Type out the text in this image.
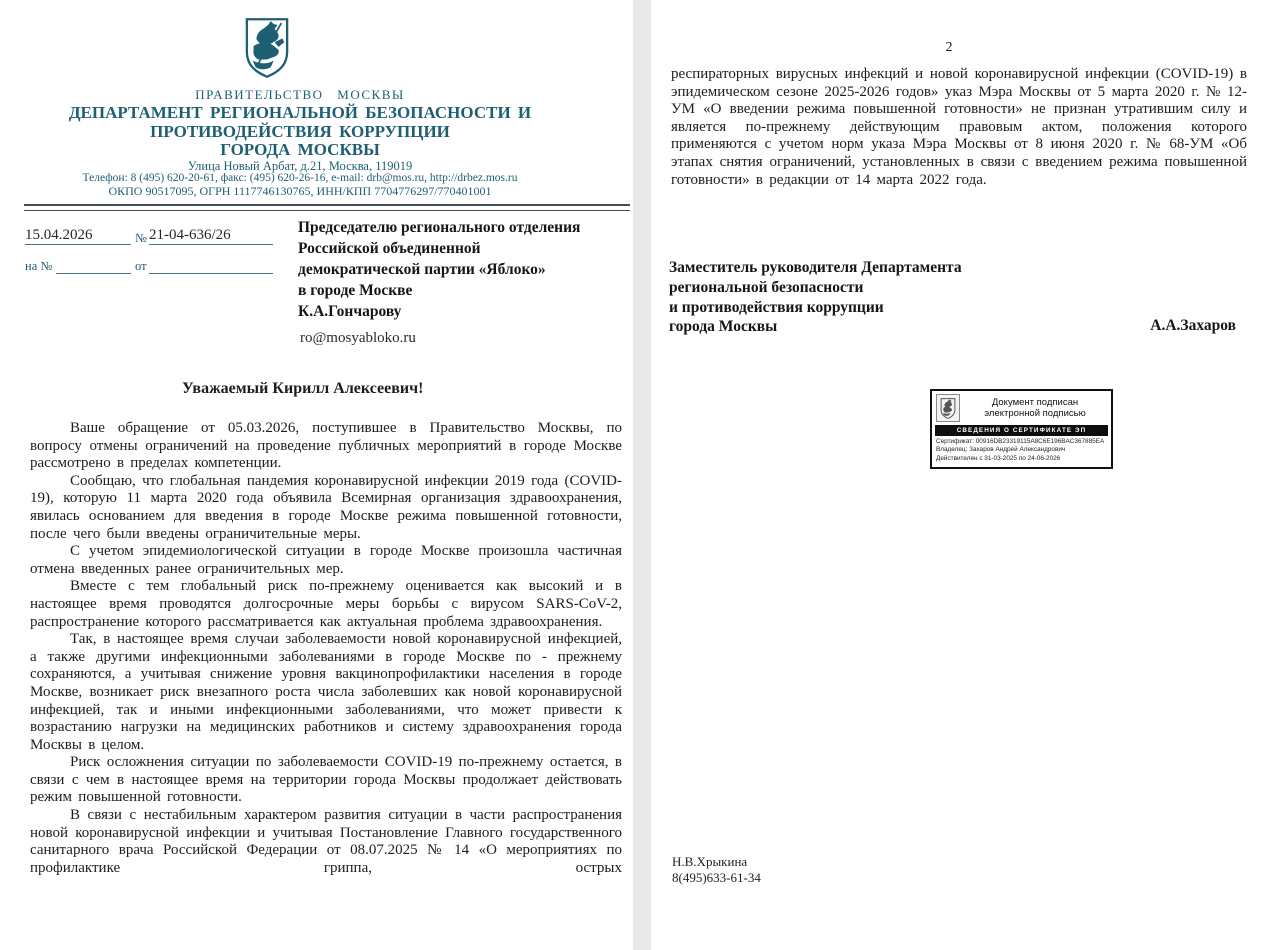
ПРАВИТЕЛЬСТВО МОСКВЫ
ДЕПАРТАМЕНТ РЕГИОНАЛЬНОЙ БЕЗОПАСНОСТИ И
ПРОТИВОДЕЙСТВИЯ КОРРУПЦИИ
ГОРОДА МОСКВЫ
Улица Новый Арбат, д.21, Москва, 119019
Телефон: 8 (495) 620-20-61, факс: (495) 620-26-16, e-mail: drb@mos.ru, http://drbez.mos.ru
ОКПО 90517095, ОГРН 1117746130765, ИНН/КПП 7704776297/770401001
15.04.2026	№ 21-04-636/26
на №	от
Председателю регионального отделения
Российской объединенной
демократической партии «Яблоко»
в городе Москве
К.А.Гончарову
ro@mosyabloko.ru
Уважаемый Кирилл Алексеевич!

Ваше обращение от 05.03.2026, поступившее в Правительство Москвы, по вопросу отмены ограничений на проведение публичных мероприятий в городе Москве рассмотрено в пределах компетенции.

Сообщаю, что глобальная пандемия коронавирусной инфекции 2019 года (COVID-19), которую 11 марта 2020 года объявила Всемирная организация здравоохранения, явилась основанием для введения в городе Москве режима повышенной готовности, после чего были введены ограничительные меры.

С учетом эпидемиологической ситуации в городе Москве произошла частичная отмена введенных ранее ограничительных мер.

Вместе с тем глобальный риск по-прежнему оценивается как высокий и в настоящее время проводятся долгосрочные меры борьбы с вирусом SARS-CoV-2, распространение которого рассматривается как актуальная проблема здравоохранения.

Так, в настоящее время случаи заболеваемости новой коронавирусной инфекцией, а также другими инфекционными заболеваниями в городе Москве по - прежнему сохраняются, а учитывая снижение уровня вакцинопрофилактики населения в городе Москве, возникает риск внезапного роста числа заболевших как новой коронавирусной инфекцией, так и иными инфекционными заболеваниями, что может привести к возрастанию нагрузки на медицинских работников и систему здравоохранения города Москвы в целом.

Риск осложнения ситуации по заболеваемости COVID-19 по-прежнему остается, в связи с чем в настоящее время на территории города Москвы продолжает действовать режим повышенной готовности.

В связи с нестабильным характером развития ситуации в части распространения новой коронавирусной инфекции и учитывая Постановление Главного государственного санитарного врача Российской Федерации от 08.07.2025 № 14 «О мероприятиях по профилактике гриппа, острых

2
респираторных вирусных инфекций и новой коронавирусной инфекции (COVID-19) в эпидемическом сезоне 2025-2026 годов» указ Мэра Москвы от 5 марта 2020 г. № 12-УМ «О введении режима повышенной готовности» не признан утратившим силу и является по-прежнему действующим правовым актом, положения которого применяются с учетом норм указа Мэра Москвы от 8 июня 2020 г. № 68-УМ «Об этапах снятия ограничений, установленных в связи с введением режима повышенной готовности» в редакции от 14 марта 2022 года.
Заместитель руководителя Департамента
региональной безопасности
и противодействия коррупции
города Москвы	А.А.Захаров
Документ подписан
электронной подписью
СВЕДЕНИЯ О СЕРТИФИКАТЕ ЭП
Сертификат: 00916DB23319115A8C6E196BAC367885EA
Владелец: Захаров Андрей Александрович
Действителен с 31-03-2025 по 24-06-2026
Н.В.Хрыкина
8(495)633-61-34
